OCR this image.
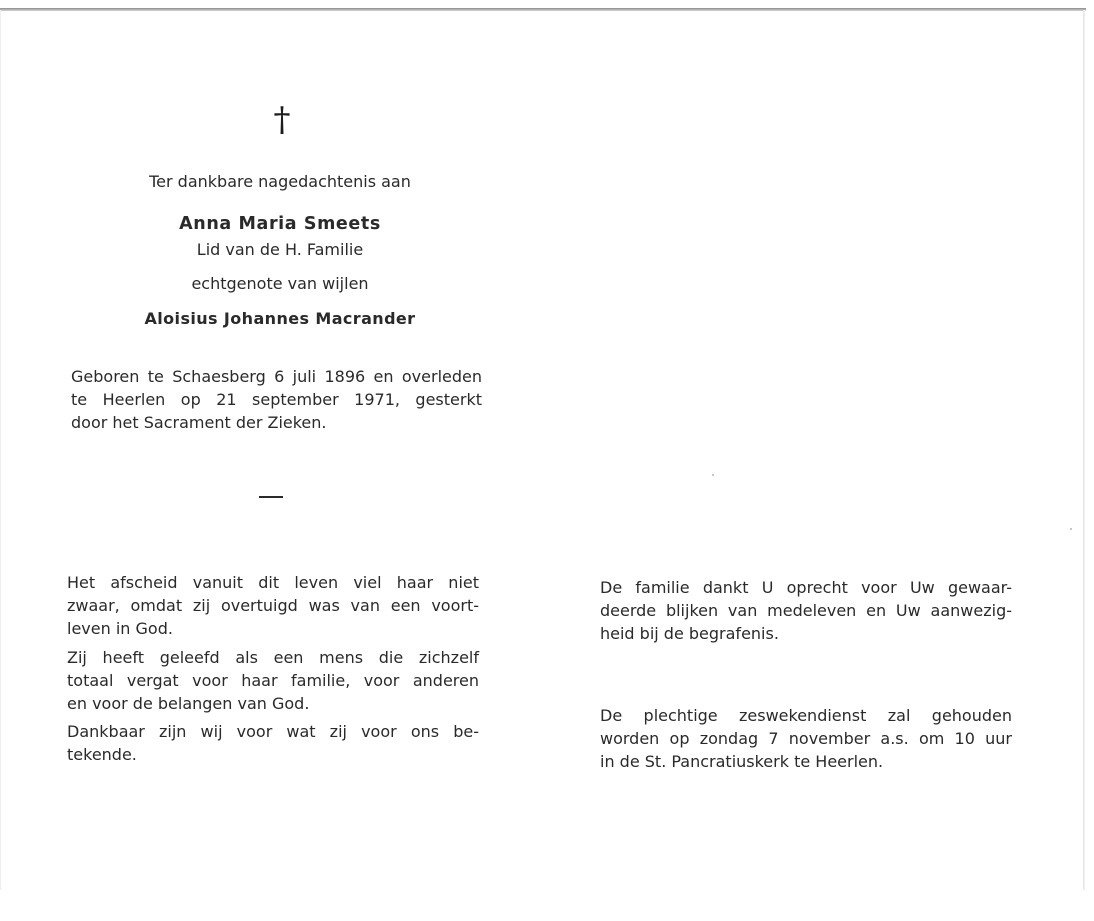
†
Ter dankbare nagedachtenis aan
Anna Maria Smeets
Lid van de H. Familie
echtgenote van wijlen
Aloisius Johannes Macrander
Geboren te Schaesberg 6 juli 1896 en overleden
te Heerlen op 21 september 1971, gesterkt
door het Sacrament der Zieken.
Het afscheid vanuit dit leven viel haar niet
zwaar, omdat zij overtuigd was van een voort-
leven in God.
Zij heeft geleefd als een mens die zichzelf
totaal vergat voor haar familie, voor anderen
en voor de belangen van God.
Dankbaar zijn wij voor wat zij voor ons be-
tekende.
De familie dankt U oprecht voor Uw gewaar-
deerde blijken van medeleven en Uw aanwezig-
heid bij de begrafenis.
De plechtige zeswekendienst zal gehouden
worden op zondag 7 november a.s. om 10 uur
in de St. Pancratiuskerk te Heerlen.
